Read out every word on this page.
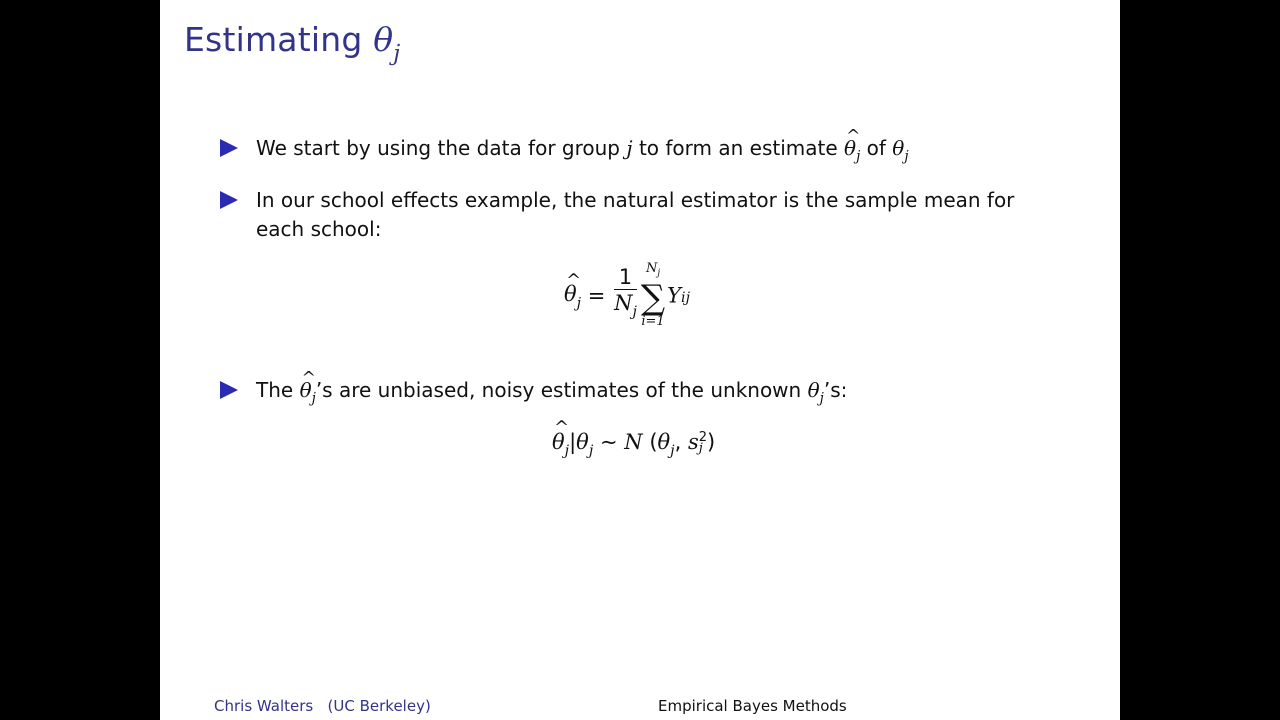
Estimating $\theta_j$
We start by using the data for group j to form an estimate ^ $\theta_j$ of $\theta_j$
In our school effects example, the natural estimator is the sample mean for each school:
^ $\theta_j = \frac{1}{N_j} N_j$
∑
i=1
Yij
The ^ $\theta_j’s$ are unbiased, noisy estimates of the unknown $\theta_j’s$:
^ $\theta_j|\theta_j$ ∼ N ($\theta_j$, s 2
j )
Chris Walters (UC Berkeley)	Empirical Bayes Methods
